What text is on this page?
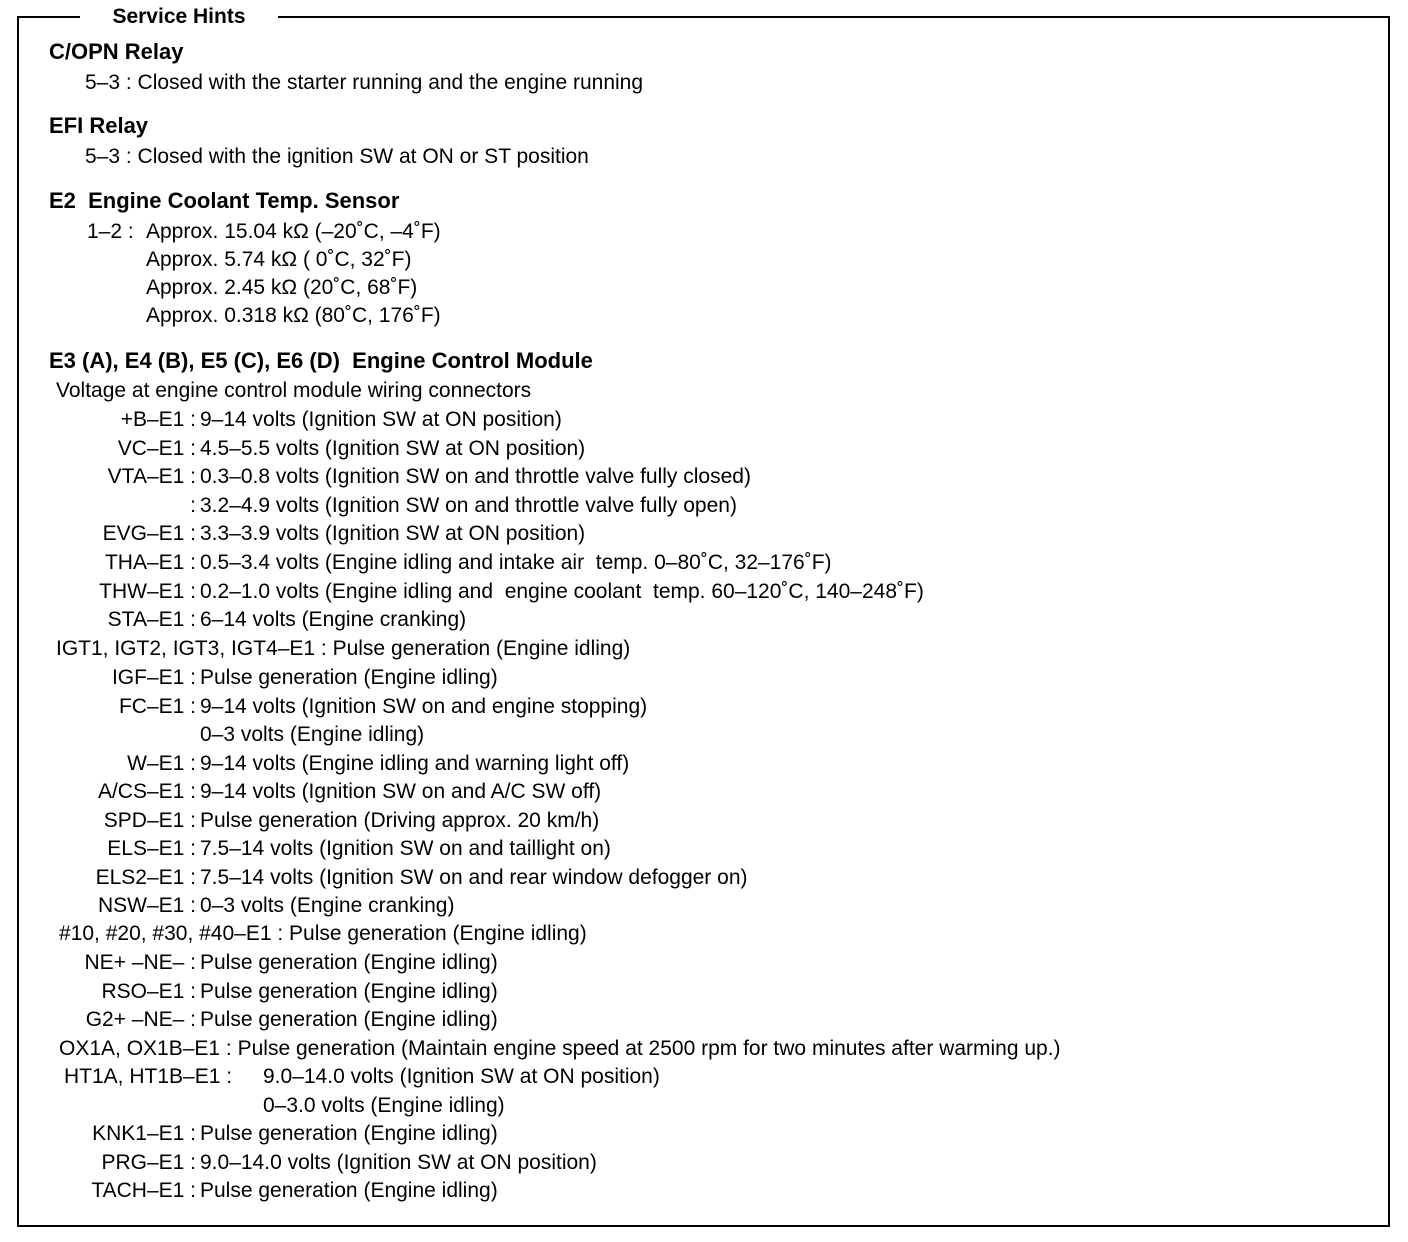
Service Hints
C/OPN Relay
5–3 : Closed with the starter running and the engine running
EFI Relay
5–3 : Closed with the ignition SW at ON or ST position
E2  Engine Coolant Temp. Sensor
1–2 : Approx. 15.04 kΩ (–20˚C, –4˚F)
Approx. 5.74 kΩ ( 0˚C, 32˚F)
Approx. 2.45 kΩ (20˚C, 68˚F)
Approx. 0.318 kΩ (80˚C, 176˚F)
E3 (A), E4 (B), E5 (C), E6 (D)  Engine Control Module
Voltage at engine control module wiring connectors
+B–E1 : 9–14 volts (Ignition SW at ON position)
VC–E1 : 4.5–5.5 volts (Ignition SW at ON position)
VTA–E1 : 0.3–0.8 volts (Ignition SW on and throttle valve fully closed)
: 3.2–4.9 volts (Ignition SW on and throttle valve fully open)
EVG–E1 : 3.3–3.9 volts (Ignition SW at ON position)
THA–E1 : 0.5–3.4 volts (Engine idling and intake air  temp. 0–80˚C, 32–176˚F)
THW–E1 : 0.2–1.0 volts (Engine idling and  engine coolant  temp. 60–120˚C, 140–248˚F)
STA–E1 : 6–14 volts (Engine cranking)
IGT1, IGT2, IGT3, IGT4–E1 : Pulse generation (Engine idling)
IGF–E1 : Pulse generation (Engine idling)
FC–E1 : 9–14 volts (Ignition SW on and engine stopping)
0–3 volts (Engine idling)
W–E1 : 9–14 volts (Engine idling and warning light off)
A/CS–E1 : 9–14 volts (Ignition SW on and A/C SW off)
SPD–E1 : Pulse generation (Driving approx. 20 km/h)
ELS–E1 : 7.5–14 volts (Ignition SW on and taillight on)
ELS2–E1 : 7.5–14 volts (Ignition SW on and rear window defogger on)
NSW–E1 : 0–3 volts (Engine cranking)
#10, #20, #30, #40–E1 : Pulse generation (Engine idling)
NE+ –NE– : Pulse generation (Engine idling)
RSO–E1 : Pulse generation (Engine idling)
G2+ –NE– : Pulse generation (Engine idling)
OX1A, OX1B–E1 : Pulse generation (Maintain engine speed at 2500 rpm for two minutes after warming up.)
HT1A, HT1B–E1 : 9.0–14.0 volts (Ignition SW at ON position)
0–3.0 volts (Engine idling)
KNK1–E1 : Pulse generation (Engine idling)
PRG–E1 : 9.0–14.0 volts (Ignition SW at ON position)
TACH–E1 : Pulse generation (Engine idling)
